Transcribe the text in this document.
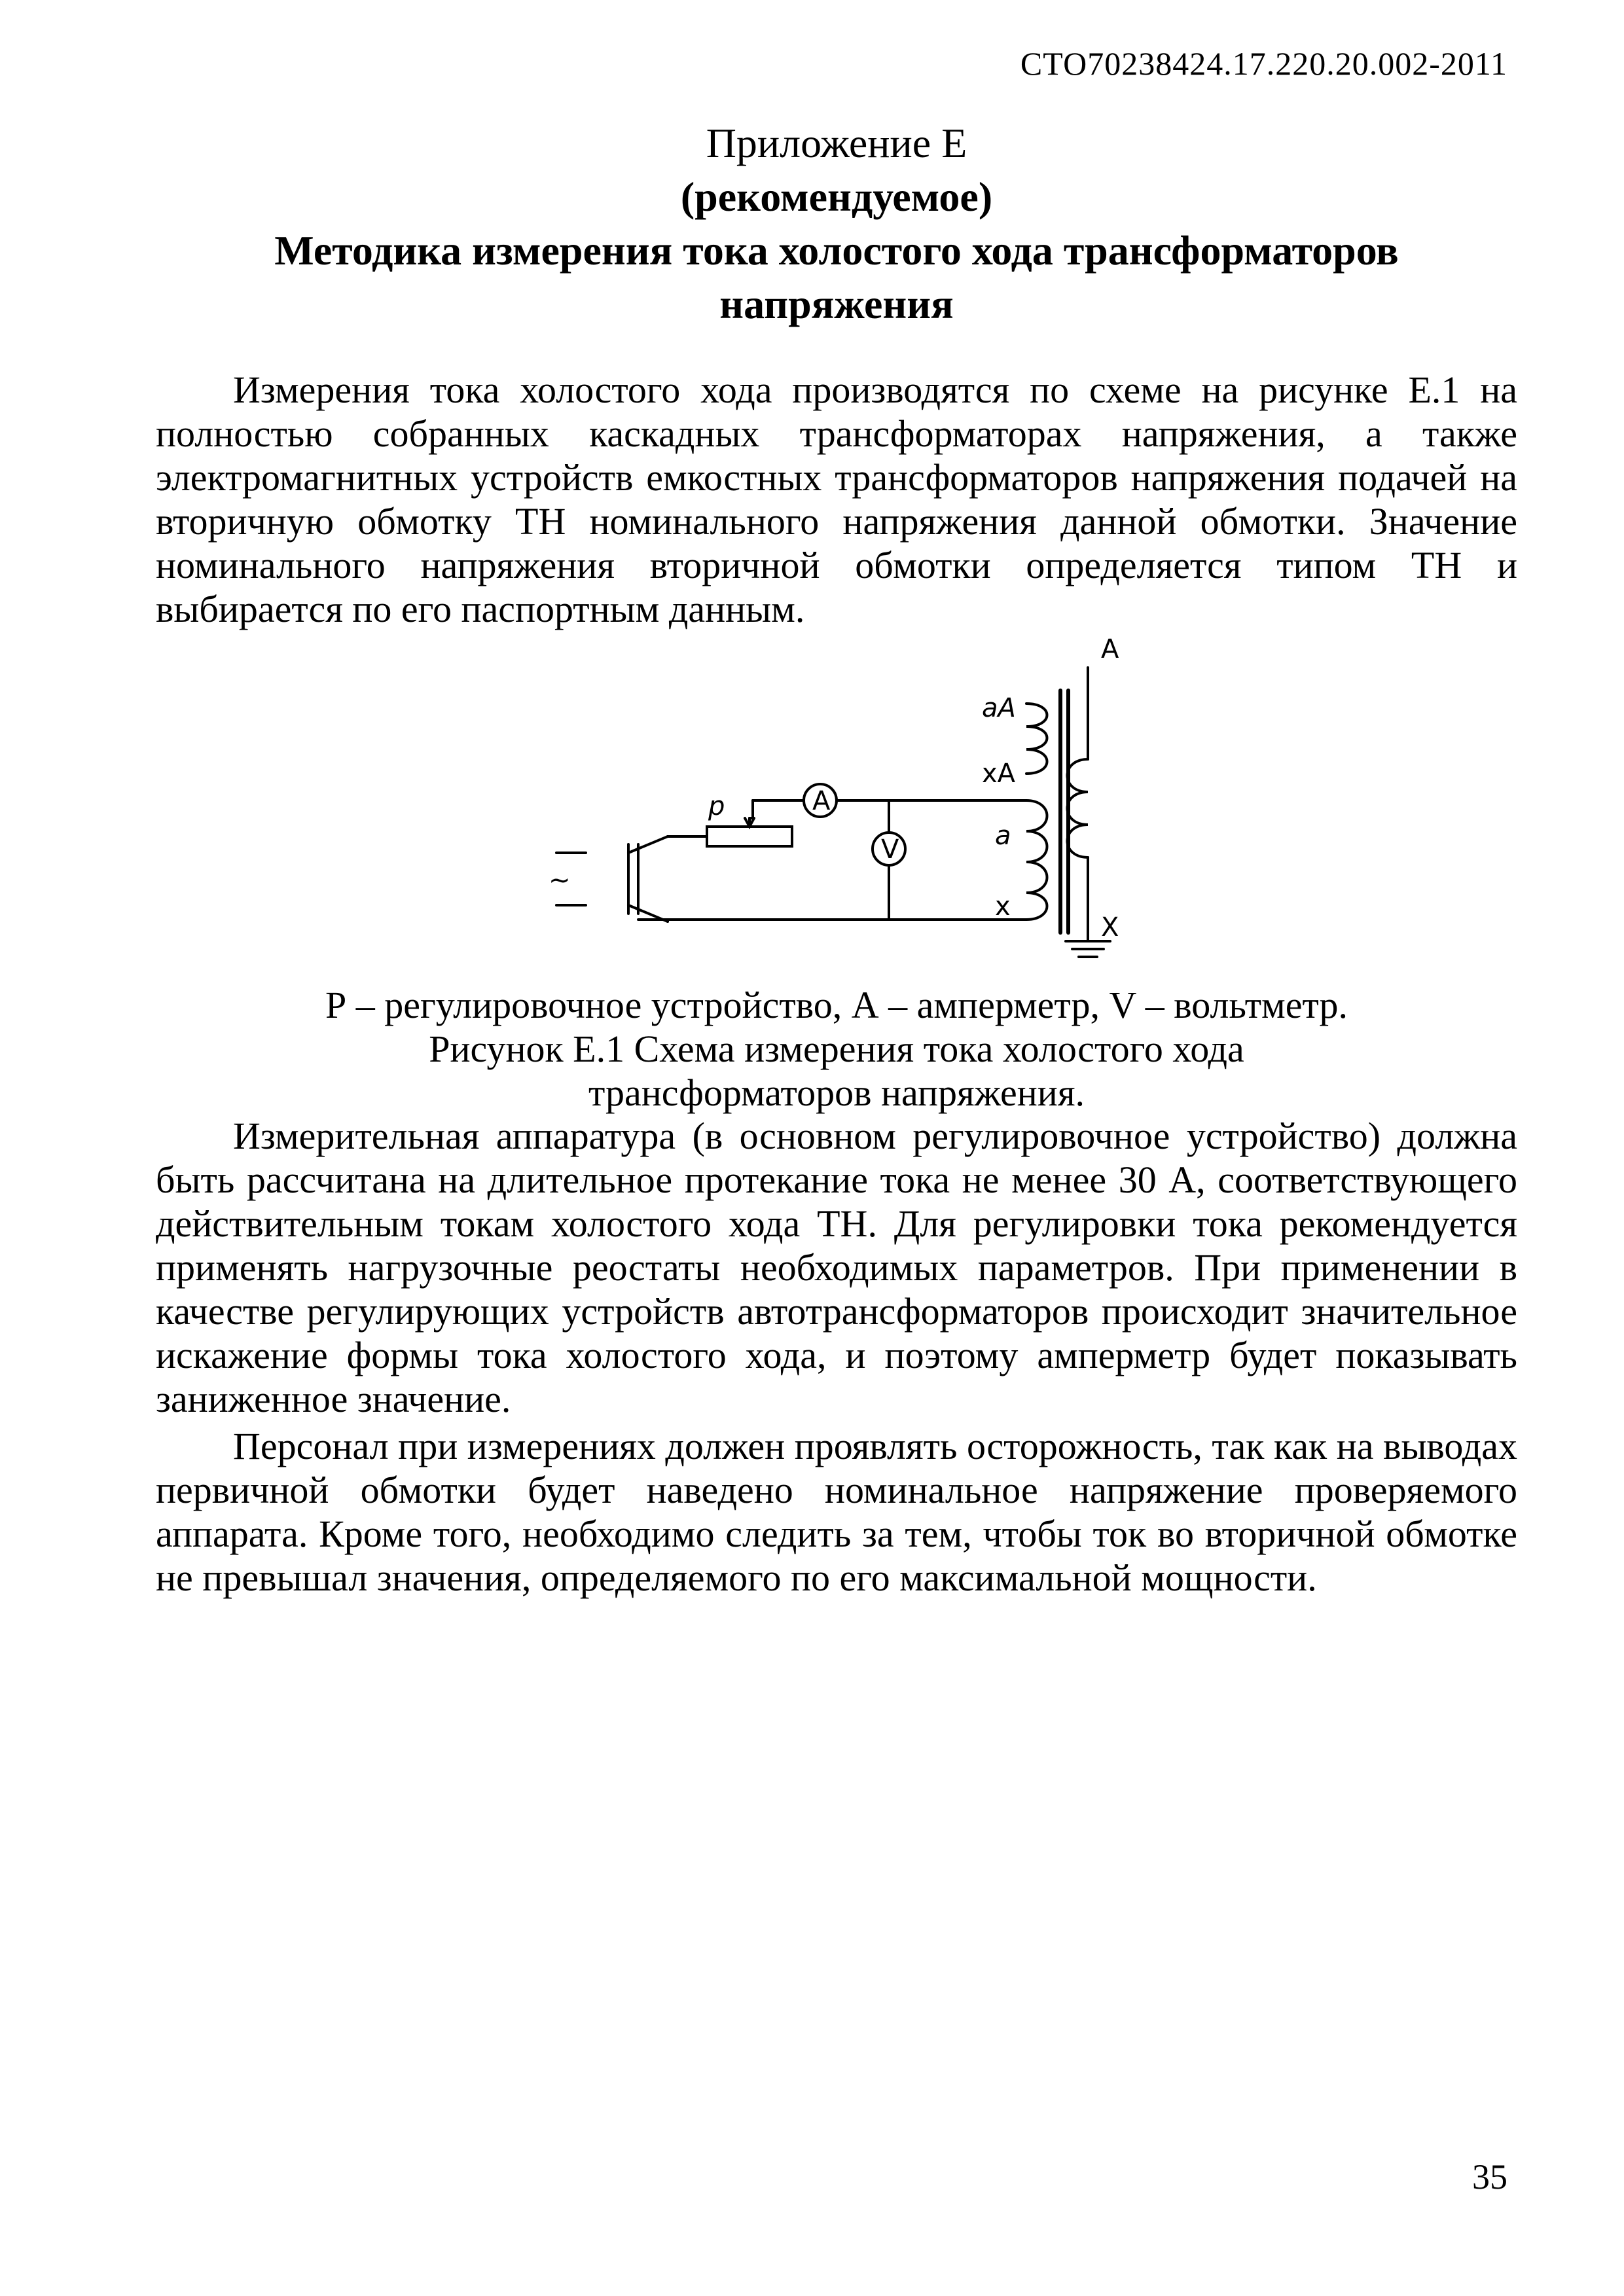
СТО70238424.17.220.20.002-2011
Приложение Е
(рекомендуемое)
Методика измерения тока холостого хода трансформаторов
напряжения

Измерения тока холостого хода производятся по схеме на рисунке Е.1 на полностью собранных каскадных трансформаторах напряжения, а также электромагнитных устройств емкостных трансформаторов напряжения подачей на вторичную обмотку ТН номинального напряжения данной обмотки. Значение номинального напряжения вторичной обмотки определяется типом ТН и выбирается по его паспортным данным.

~
p	A
V	a
x
aA
xA
A
X
Р – регулировочное устройство, А – амперметр, V – вольтметр.
Рисунок Е.1 Схема измерения тока холостого хода трансформаторов напряжения.

Измерительная аппаратура (в основном регулировочное устройство) должна быть рассчитана на длительное протекание тока не менее 30 А, соответствующего действительным токам холостого хода ТН. Для регулировки тока рекомендуется применять нагрузочные реостаты необходимых параметров. При применении в качестве регулирующих устройств автотрансформаторов происходит значительное искажение формы тока холостого хода, и поэтому амперметр будет показывать заниженное значение.

Персонал при измерениях должен проявлять осторожность, так как на выводах первичной обмотки будет наведено номинальное напряжение проверяемого аппарата. Кроме того, необходимо следить за тем, чтобы ток во вторичной обмотке не превышал значения, определяемого по его максимальной мощности.

35
